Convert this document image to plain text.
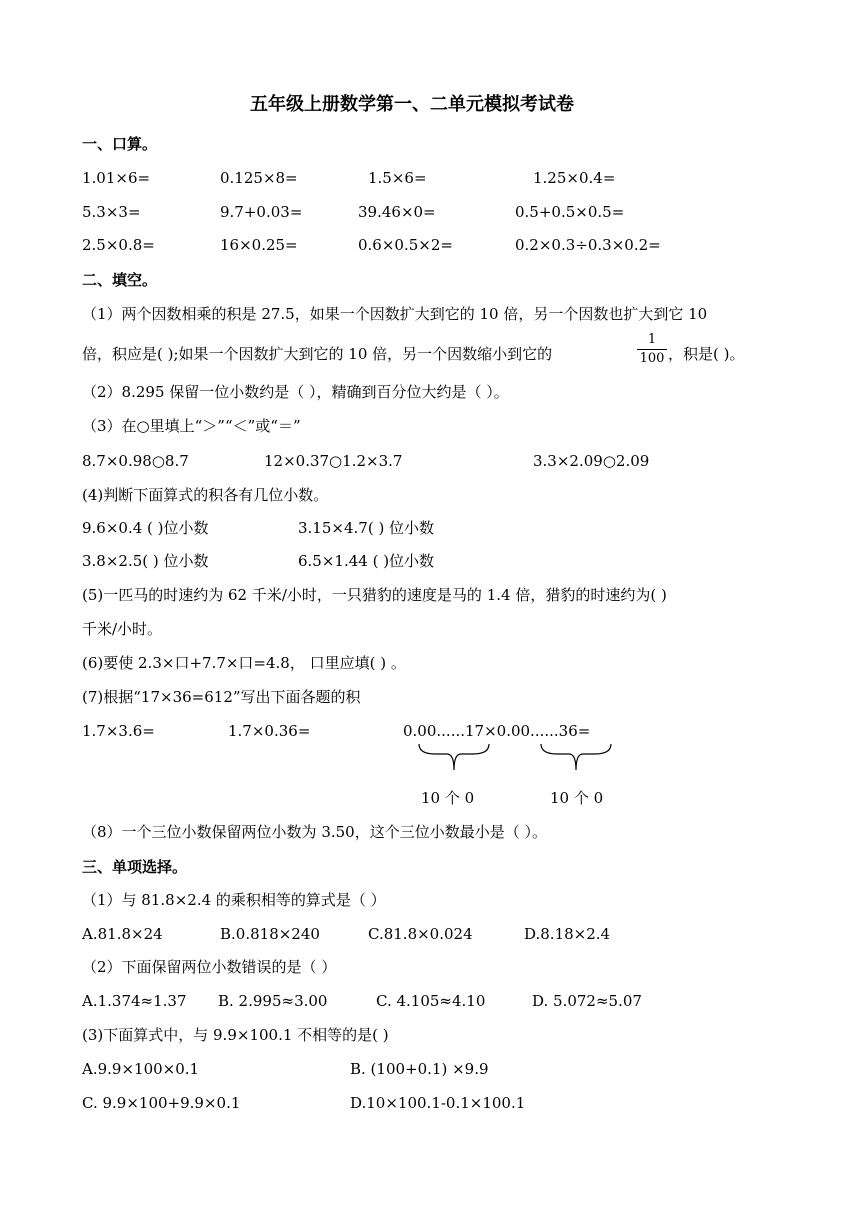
五年级上册数学第一、二单元模拟考试卷
一、口算。
1.01×6=	0.125×8=	1.5×6=	1.25×0.4=
5.3×3=	9.7+0.03=	39.46×0=	0.5+0.5×0.5=
2.5×0.8=	16×0.25=	0.6×0.5×2=	0.2×0.3÷0.3×0.2=
二、填空。
（1）两个因数相乘的积是 27.5，如果一个因数扩大到它的 10 倍，另一个因数也扩大到它 10
倍，积应是( );如果一个因数扩大到它的 10 倍，另一个因数缩小到它的
1
100 ，积是( )。
（2）8.295 保留一位小数约是（ ），精确到百分位大约是（ ）。
（3）在○里填上“＞”“＜”或“＝”
8.7×0.98○8.7	12×0.37○1.2×3.7	3.3×2.09○2.09
(4)判断下面算式的积各有几位小数。
9.6×0.4 ( )位小数	3.15×4.7( ) 位小数
3.8×2.5( ) 位小数	6.5×1.44 ( )位小数
(5)一匹马的时速约为 62 千米/小时，一只猎豹的速度是马的 1.4 倍，猎豹的时速约为( )
千米/小时。
(6)要使 2.3×口+7.7×口=4.8， 口里应填( ) 。
(7)根据“17×36=612”写出下面各题的积
1.7×3.6=	1.7×0.36=	0.00......17×0.00......36=
10 个 0	10 个 0
（8）一个三位小数保留两位小数为 3.50，这个三位小数最小是（ ）。
三、单项选择。
（1）与 81.8×2.4 的乘积相等的算式是（ ）
A.81.8×24	B.0.818×240	C.81.8×0.024	D.8.18×2.4
（2）下面保留两位小数错误的是（ ）
A.1.374≈1.37 B. 2.995≈3.00	C. 4.105≈4.10	D. 5.072≈5.07
(3)下面算式中，与 9.9×100.1 不相等的是( )
A.9.9×100×0.1	B. (100+0.1) ×9.9
C. 9.9×100+9.9×0.1	D.10×100.1-0.1×100.1
